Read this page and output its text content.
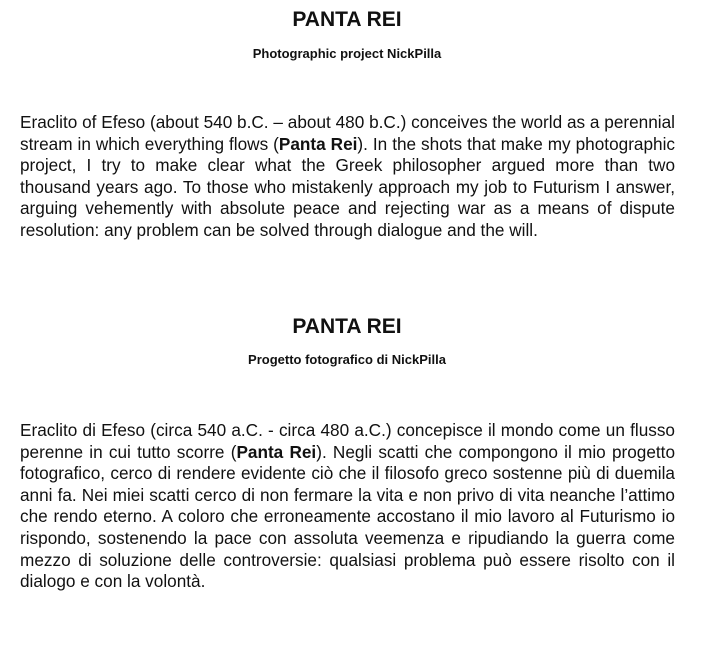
PANTA REI
Photographic project NickPilla

Eraclito of Efeso (about 540 b.C. – about 480 b.C.) conceives the world as a perennial stream in which everything flows (Panta Rei). In the shots that make my photographic project, I try to make clear what the Greek philosopher argued more than two thousand years ago. To those who mistakenly approach my job to Futurism I answer, arguing vehemently with absolute peace and rejecting war as a means of dispute resolution: any problem can be solved through dialogue and the will.

PANTA REI
Progetto fotografico di NickPilla

Eraclito di Efeso (circa 540 a.C. - circa 480 a.C.) concepisce il mondo come un flusso perenne in cui tutto scorre (Panta Rei). Negli scatti che compongono il mio progetto fotografico, cerco di rendere evidente ciò che il filosofo greco sostenne più di duemila anni fa. Nei miei scatti cerco di non fermare la vita e non privo di vita neanche l’attimo che rendo eterno. A coloro che erroneamente accostano il mio lavoro al Futurismo io rispondo, sostenendo la pace con assoluta veemenza e ripudiando la guerra come mezzo di soluzione delle controversie: qualsiasi problema può essere risolto con il dialogo e con la volontà.
